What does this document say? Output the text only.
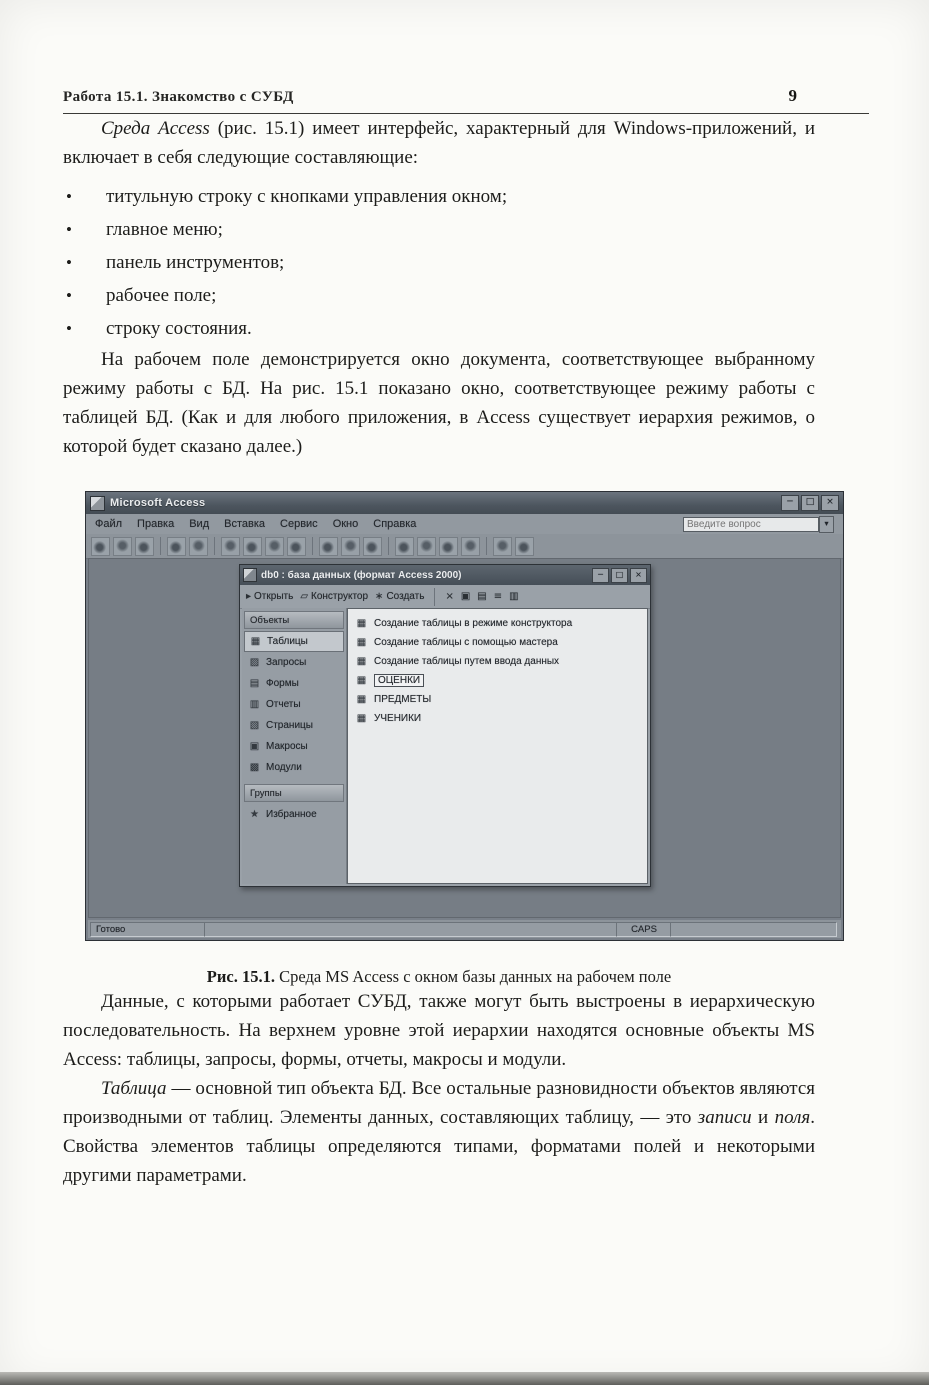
Работа 15.1. Знакомство с СУБД	9

Среда Access (рис. 15.1) имеет интерфейс, характерный для Windows-приложений, и включает в себя следующие составляющие:

•	титульную строку с кнопками управления окном;
•	главное меню;
•	панель инструментов;
•	рабочее поле;
•	строку состояния.

На рабочем поле демонстрируется окно документа, соответствующее выбранному режиму работы с БД. На рис. 15.1 показано окно, соответствующее режиму работы с таблицей БД. (Как и для любого приложения, в Access существует иерархия режимов, о которой будет сказано далее.)

Microsoft Access	─	□	×
Файл Правка Вид Вставка Сервис Окно Справка
Введите вопрос	▾
db0 : база данных (формат Access 2000)	─	□	×
▸ Открыть ▱ Конструктор ∗ Создать × ▣ ▤ ≡ ▥
Объекты
▦ Таблицы
▨ Запросы
▤ Формы
▥ Отчеты
▧ Страницы
▣ Макросы
▩ Модули
Группы
★ Избранное
▦ Создание таблицы в режиме конструктора
▦ Создание таблицы с помощью мастера
▦ Создание таблицы путем ввода данных
▦	ОЦЕНКИ
▦ ПРЕДМЕТЫ
▦ УЧЕНИКИ
Готово	CAPS

Рис. 15.1. Среда MS Access с окном базы данных на рабочем поле

Данные, с которыми работает СУБД, также могут быть выстроены в иерархическую последовательность. На верхнем уровне этой иерархии находятся основные объекты MS Access: таблицы, запросы, формы, отчеты, макросы и модули.

Таблица — основной тип объекта БД. Все остальные разновидности объектов являются производными от таблиц. Элементы данных, составляющих таблицу, — это записи и поля. Свойства элементов таблицы определяются типами, форматами полей и некоторыми другими параметрами.
